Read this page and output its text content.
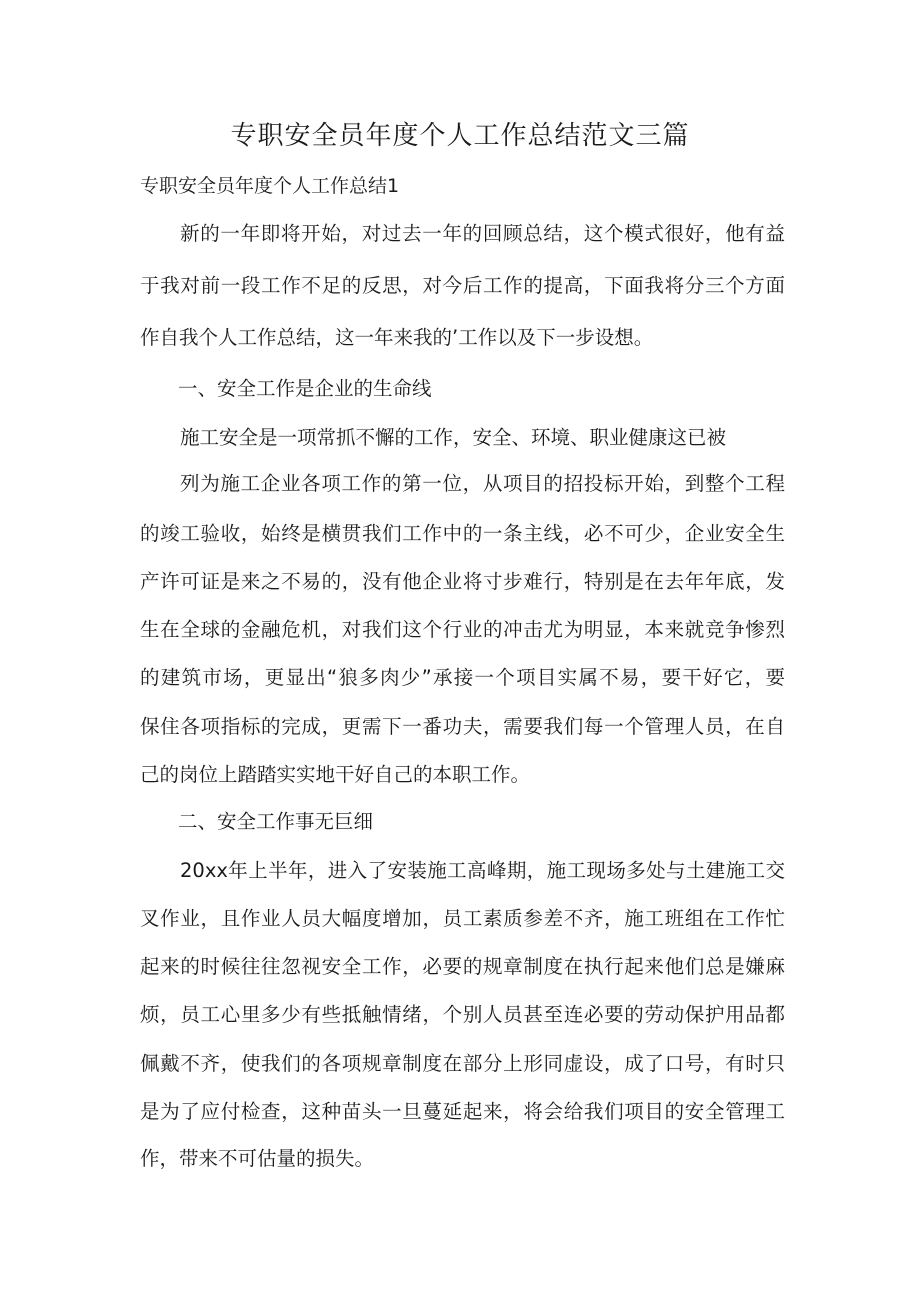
专职安全员年度个人工作总结范文三篇

专职安全员年度个人工作总结1

新的一年即将开始，对过去一年的回顾总结，这个模式很好，他有益

于我对前一段工作不足的反思，对今后工作的提高，下面我将分三个方面

作自我个人工作总结，这一年来我的’工作以及下一步设想。

一、安全工作是企业的生命线

施工安全是一项常抓不懈的工作，安全、环境、职业健康这已被

列为施工企业各项工作的第一位，从项目的招投标开始，到整个工程

的竣工验收，始终是横贯我们工作中的一条主线，必不可少，企业安全生

产许可证是来之不易的，没有他企业将寸步难行，特别是在去年年底，发

生在全球的金融危机，对我们这个行业的冲击尤为明显，本来就竞争惨烈

的建筑市场，更显出“狼多肉少”承接一个项目实属不易，要干好它，要

保住各项指标的完成，更需下一番功夫，需要我们每一个管理人员，在自

己的岗位上踏踏实实地干好自己的本职工作。

二、安全工作事无巨细

20xx年上半年，进入了安装施工高峰期，施工现场多处与土建施工交

叉作业，且作业人员大幅度增加，员工素质参差不齐，施工班组在工作忙

起来的时候往往忽视安全工作，必要的规章制度在执行起来他们总是嫌麻

烦，员工心里多少有些抵触情绪，个别人员甚至连必要的劳动保护用品都

佩戴不齐，使我们的各项规章制度在部分上形同虚设，成了口号，有时只

是为了应付检查，这种苗头一旦蔓延起来，将会给我们项目的安全管理工

作，带来不可估量的损失。
